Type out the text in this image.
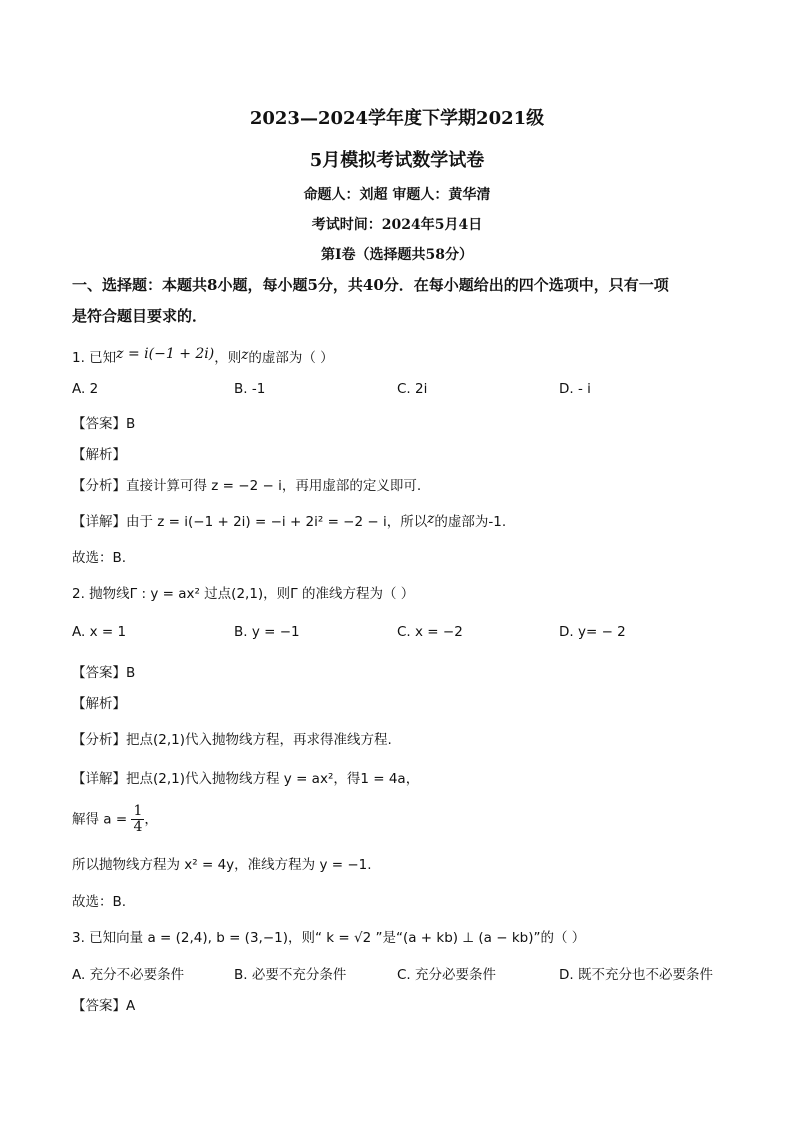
2023—2024学年度下学期2021级
5月模拟考试数学试卷
命题人：刘超 审题人：黄华清
考试时间：2024年5月4日
第I卷（选择题共58分）
一、选择题：本题共8小题，每小题5分，共40分．在每小题给出的四个选项中，只有一项
是符合题目要求的．
1. 已知z = i(−1 + 2i)，则z的虚部为（ ）
A. 2	B. -1	C. 2i	D. - i
【答案】B
【解析】
【分析】直接计算可得 z = −2 − i，再用虚部的定义即可.
【详解】由于 z = i(−1 + 2i) = −i + 2i² = −2 − i，所以z的虚部为-1.
故选：B.
2. 抛物线Γ : y = ax² 过点(2,1)，则Γ 的准线方程为（ ）
A. x = 1	B. y = −1	C. x = −2	D. y= − 2
【答案】B
【解析】
【分析】把点(2,1)代入抛物线方程，再求得准线方程.
【详解】把点(2,1)代入抛物线方程 y = ax²，得1 = 4a，
解得 $a = \frac{1}{4}$ ，
所以抛物线方程为 x² = 4y，准线方程为 y = −1.
故选：B.
3. 已知向量 a = (2,4), b = (3,−1)，则“ k = √2 ”是“(a + kb) ⊥ (a − kb)”的（ ）
A. 充分不必要条件	B. 必要不充分条件	C. 充分必要条件	D. 既不充分也不必要条件
【答案】A
